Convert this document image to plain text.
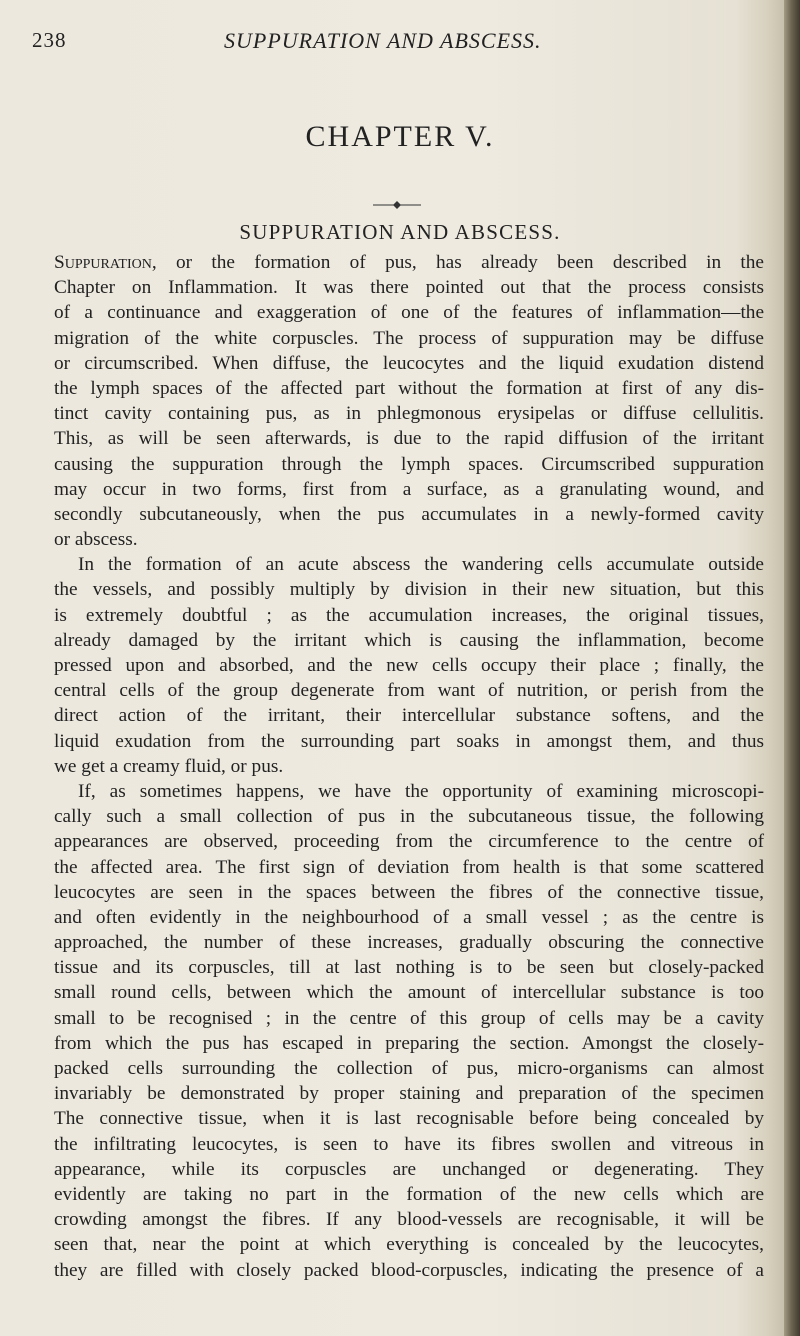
238	SUPPURATION AND ABSCESS.
CHAPTER V.
SUPPURATION AND ABSCESS.
Suppuration, or the formation of pus, has already been described in the
Chapter on Inflammation. It was there pointed out that the process consists
of a continuance and exaggeration of one of the features of inflammation—the
migration of the white corpuscles. The process of suppuration may be diffuse
or circumscribed. When diffuse, the leucocytes and the liquid exudation distend
the lymph spaces of the affected part without the formation at first of any dis-
tinct cavity containing pus, as in phlegmonous erysipelas or diffuse cellulitis.
This, as will be seen afterwards, is due to the rapid diffusion of the irritant
causing the suppuration through the lymph spaces. Circumscribed suppuration
may occur in two forms, first from a surface, as a granulating wound, and
secondly subcutaneously, when the pus accumulates in a newly-formed cavity
or abscess.
In the formation of an acute abscess the wandering cells accumulate outside
the vessels, and possibly multiply by division in their new situation, but this
is extremely doubtful ; as the accumulation increases, the original tissues,
already damaged by the irritant which is causing the inflammation, become
pressed upon and absorbed, and the new cells occupy their place ; finally, the
central cells of the group degenerate from want of nutrition, or perish from the
direct action of the irritant, their intercellular substance softens, and the
liquid exudation from the surrounding part soaks in amongst them, and thus
we get a creamy fluid, or pus.
If, as sometimes happens, we have the opportunity of examining microscopi-
cally such a small collection of pus in the subcutaneous tissue, the following
appearances are observed, proceeding from the circumference to the centre of
the affected area. The first sign of deviation from health is that some scattered
leucocytes are seen in the spaces between the fibres of the connective tissue,
and often evidently in the neighbourhood of a small vessel ; as the centre is
approached, the number of these increases, gradually obscuring the connective
tissue and its corpuscles, till at last nothing is to be seen but closely-packed
small round cells, between which the amount of intercellular substance is too
small to be recognised ; in the centre of this group of cells may be a cavity
from which the pus has escaped in preparing the section. Amongst the closely-
packed cells surrounding the collection of pus, micro-organisms can almost
invariably be demonstrated by proper staining and preparation of the specimen
The connective tissue, when it is last recognisable before being concealed by
the infiltrating leucocytes, is seen to have its fibres swollen and vitreous in
appearance, while its corpuscles are unchanged or degenerating. They
evidently are taking no part in the formation of the new cells which are
crowding amongst the fibres. If any blood-vessels are recognisable, it will be
seen that, near the point at which everything is concealed by the leucocytes,
they are filled with closely packed blood-corpuscles, indicating the presence of a
